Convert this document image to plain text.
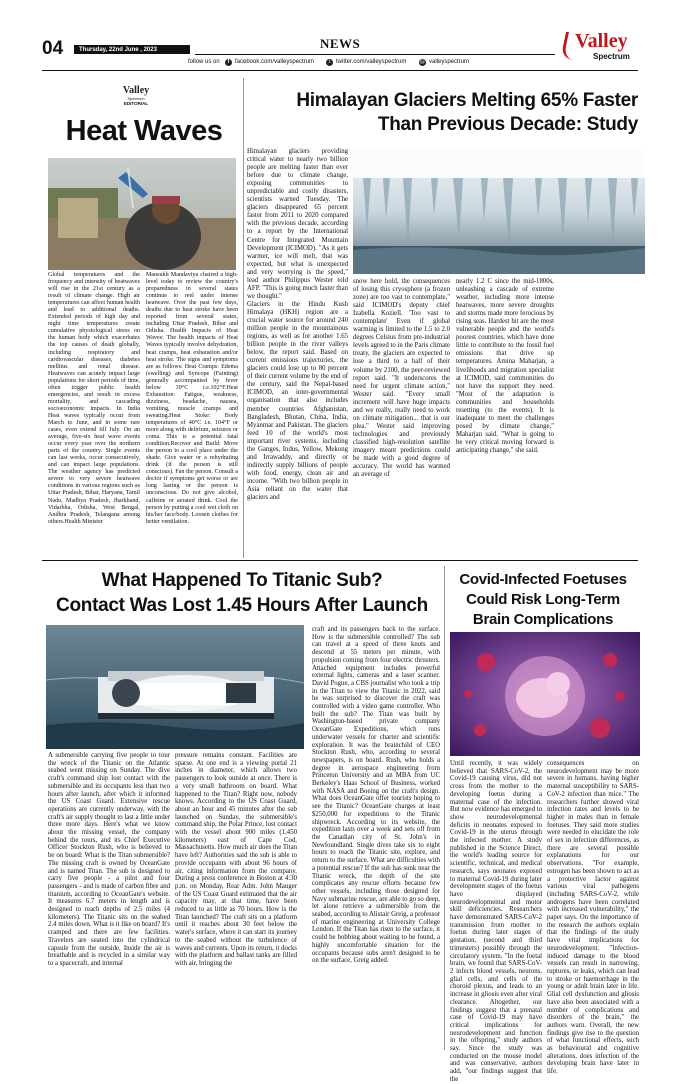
04	Thursday, 22nd June , 2023	NEWS
follow us on	f facebook.com/valleyspectrum	t twitter.com/valleyspectrum	@ valleyspectrum
Valley
Spectrum
Valley
Spectrum
EDITORIAL
Heat Waves

Global temperatures and the frequency and intensity of heatwaves will rise in the 21st century as a result of climate change. High air temperatures can affect human health and lead to additional deaths. Extended periods of high day and night time temperatures create cumulative physiological stress on the human body which exacerbates the top causes of death globally, including respiratory and cardiovascular diseases, diabetes mellitus and renal disease. Heatwaves can acutely impact large populations for short periods of time, often trigger public health emergencies, and result in excess mortality, and cascading socioeconomic impacts. In India Heat waves typically occur from March to June, and in some rare cases, even extend till July. On an average, five-six heat wave events occur every year over the northern parts of the country. Single events can last weeks, occur consecutively, and can impact large populations. The weather agency has predicted severe to very severe heatwave conditions in various regions such as Uttar Pradesh, Bihar, Haryana, Tamil Nadu, Madhya Pradesh, Jharkhand, Vidarbha, Odisha, West Bengal, Andhra Pradesh, Telangana among others.Health Minister

Mansukh Mandaviya chaired a high-level today to review the country's preparedness in several states continue to reel under intense heatwave. Over the past few days, deaths due to heat stroke have been reported from several states, including Uttar Pradesh, Bihar and Odisha. Health Impacts of Heat Waves: The health impacts of Heat Waves typically involve dehydration, heat cramps, heat exhaustion and/or heat stroke. The signs and symptoms are as follows: Heat Cramps: Edema (swelling) and Syncope (Fainting) generally accompanied by fever below 39°C i.e.102°F.Heat Exhaustion: Fatigue, weakness, dizziness, headache, nausea, vomiting, muscle cramps and sweating.Heat Stoke: Body temperatures of 40°C i.e. 104°F or more along with delirium, seizures or coma. This is a potential fatal condition.Recover and Build: Move the person to a cool place under the shade. Give water or a rehydrating drink (if the person is still conscious). Fan the person. Consult a doctor if symptoms get worse or are long lasting or the person is unconscious. Do not give alcohol, caffeine or aerated drink. Cool the person by putting a cool wet cloth on his/her face/body. Loosen clothes for better ventilation.

Himalayan Glaciers Melting 65% Faster
Than Previous Decade: Study

Himalayan glaciers providing critical water to nearly two billion people are melting faster than ever before due to climate change, exposing communities to unpredictable and costly disasters, scientists warned Tuesday. The glaciers disappeared 65 percent faster from 2011 to 2020 compared with the previous decade, according to a report by the International Centre for Integrated Mountain Development (ICIMOD). "As it gets warmer, ice will melt, that was expected, but what is unexpected and very worrying is the speed," lead author Philippus Wester told AFP. "This is going much faster than we thought."

Glaciers in the Hindu Kush Himalaya (HKH) region are a crucial water source for around 240 million people in the mountainous regions, as well as for another 1.65 billion people in the river valleys below, the report said. Based on current emissions trajectories, the glaciers could lose up to 80 percent of their current volume by the end of the century, said the Nepal-based ICIMOD, an inter-governmental organisation that also includes member countries Afghanistan, Bangladesh, Bhutan, China, India, Myanmar and Pakistan. The glaciers feed 10 of the world's most important river systems, including the Ganges, Indus, Yellow, Mekong and Irrawaddy, and directly or indirectly supply billions of people with food, energy, clean air and income. "With two billion people in Asia reliant on the water that glaciers and

snow here hold, the consequences of losing this cryosphere (a frozen zone) are too vast to contemplate," said ICIMOD's deputy chief Izabella Koziell. 'Too vast to contemplate' Even if global warming is limited to the 1.5 to 2.0 degrees Celsius from pre-industrial levels agreed to in the Paris climate treaty, the glaciers are expected to lose a third to a half of their volume by 2100, the peer-reviewed report said. "It underscores the need for urgent climate action," Wester said. "Every small increment will have huge impacts and we really, really need to work on climate mitigation... that is our plea." Wester said improving technologies and previously classified high-resolution satellite imagery meant predictions could be made with a good degree of accuracy. The world has warmed an average of

nearly 1.2 C since the mid-1800s, unleashing a cascade of extreme weather, including more intense heatwaves, more severe droughts and storms made more ferocious by rising seas. Hardest hit are the most vulnerable people and the world's poorest countries, which have done little to contribute to the fossil fuel emissions that drive up temperatures. Amina Maharjan, a livelihoods and migration specialist at ICIMOD, said communities do not have the support they need. "Most of the adaptation is communities and households resetting (to the events). It is inadequate to meet the challenges posed by climate change," Maharjan said. "What is going to be very critical moving forward is anticipating change," she said.

What Happened To Titanic Sub?
Contact Was Lost 1.45 Hours After Launch

A submersible carrying five people to tour the wreck of the Titanic on the Atlantic seabed went missing on Sunday. The dive craft's command ship lost contact with the submersible and its occupants less than two hours after launch, after which it informed the US Coast Guard. Extensive rescue operations are currently underway, with the craft's air supply thought to last a little under three more days. Here's what we know about the missing vessel, the company behind the tours, and its Chief Executive Officer Stockton Rush, who is believed to be on board: What is the Titan submersible? The missing craft is owned by OceanGate and is named Titan. The sub is designed to carry five people - a pilot and four passengers - and is made of carbon fibre and titanium, according to OceanGate's website. It measures 6.7 meters in length and is designed to reach depths of 2.5 miles (4 kilometers). The Titanic sits on the seabed 2.4 miles down. What is it like on board? It's cramped and there are few facilities. Travelers are seated into the cylindrical capsule from the outside. Inside the air is breathable and is recycled in a similar way to a spacecraft, and internal

pressure remains constant. Facilities are sparse. At one end is a viewing portal 21 inches in diameter, which allows two passengers to look outside at once. There is a very small bathroom on board. What happened to the Titan? Right now, nobody knows. According to the US Coast Guard, about an hour and 45 minutes after the sub launched on Sunday, the submersible's command ship, the Polar Prince, lost contact with the vessel about 900 miles (1,450 kilometers) east of Cape Cod, Massachusetts. How much air does the Titan have left? Authorities said the sub is able to provide occupants with about 96 hours of air, citing information from the company. During a press conference in Boston at 4:30 p.m. on Monday, Rear Adm. John Mauger of the US Coast Guard estimated that the air capacity may, at that time, have been reduced to as little as 70 hours. How is the Titan launched? The craft sits on a platform until it reaches about 30 feet below the water's surface, where it can start its journey to the seabed without the turbulence of waves and currents. Upon its return, it docks with the platform and ballast tanks are filled with air, bringing the

craft and its passengers back to the surface. How is the submersible controlled? The sub can travel at a speed of three knots and descend at 55 meters per minute, with propulsion coming from four electric thrusters. Attached equipment includes powerful external lights, cameras and a laser scanner. David Pogue, a CBS journalist who took a trip in the Titan to view the Titanic in 2022, said he was surprised to discover the craft was controlled with a video game controller. Who built the sub? The Titan was built by Washington-based private company OceanGate Expeditions, which runs underwater vessels for charter and scientific exploration. It was the brainchild of CEO Stockton Rush, who, according to several newspapers, is on board. Rush, who holds a degree in aerospace engineering from Princeton University and an MBA from UC Berkeley's Haas School of Business, worked with NASA and Boeing on the craft's design. What does OceanGate offer tourists hoping to see the Titanic? OceanGate charges at least $250,000 for expeditions to the Titanic shipwreck. According to its website, the expedition lasts over a week and sets off from the Canadian city of St. John's in Newfoundland. Single dives take six to eight hours to reach the Titanic site, explore, and return to the surface. What are difficulties with a potential rescue? If the sub has sunk near the Titanic wreck, the depth of the site complicates any rescue efforts because few other vessels, including those designed for Navy submarine rescue, are able to go so deep, let alone retrieve a submersible from the seabed, according to Alistair Greig, a professor of marine engineering at University College London. If the Titan has risen to the surface, it could be bobbing about waiting to be found, a highly uncomfortable situation for the occupants because subs aren't designed to be on the surface, Greig added.

Covid-Infected Foetuses
Could Risk Long-Term
Brain Complications

Until recently, it was widely believed that SARS-CoV-2, the Covid-19 causing virus, did not cross from the mother to the developing foetus during a maternal case of the infection. But now evidence has emerged to show neurodevelopmental deficits in neonates exposed to Covid-19 in the uterus through the infected mother. A study published in the Science Direct, the world's leading source for scientific, technical, and medical research, says neonates exposed to maternal Covid-19 during later development stages of the foetus have displayed neurodevelopmental and motor skill deficiencies. Researchers have demonstrated SARS-CoV-2 transmission from mother to foetus during later stages of gestation, (second and third trimesters) possibly through the circulatory system. "In the foetal brain, we found that SARS-CoV-2 infects blood vessels, neurons, glial cells, and cells of the choroid plexus, and leads to an increase in gliosis even after viral clearance. Altogether, our findings suggest that a prenatal case of Covid-19 may have critical implications for neurodevelopment and function in the offspring," study authors say. Since the study was conducted on the mouse model and was conservative, authors add, "our findings suggest that the

consequences on neurodevelopment may be more severe in humans, having higher maternal susceptibility to SARS-CoV-2 infection than mice." The researchers further showed viral infection rates and levels to be higher in males than in female foetuses. They said more studies were needed to elucidate the role of sex in infection differences, as there are several possible explanations for our observations. "For example, estrogen has been shown to act as a protective factor against various viral pathogens (including SARS-CoV-2, while androgens have been correlated with increased vulnerability," the paper says. On the importance of the research the authors explain that the findings of the study have vital implications for neurodevelopment. "Infection-induced damage to the blood vessels can result in narrowing, ruptures, or leaks, which can lead to stroke or haemorrhage in the young or adult brain later in life. Glial cell dysfunction and gliosis have also been associated with a number of complications and disorders of the brain," the authors warn. Overall, the new findings give rise to the question of what functional effects, such as behavioural and cognitive alterations, does infection of the developing brain have later in life.
